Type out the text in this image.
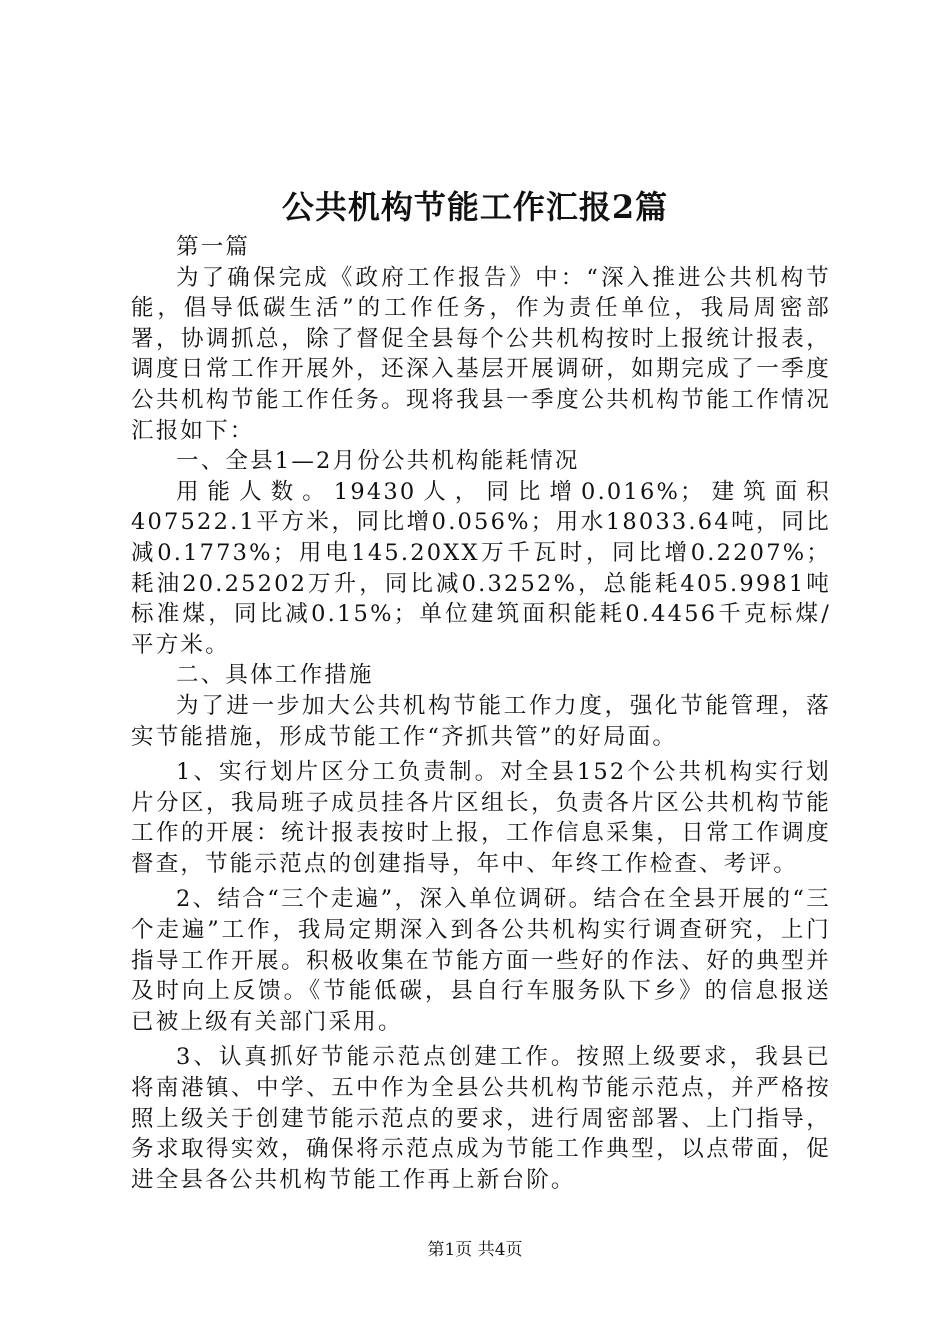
公共机构节能工作汇报2篇

第一篇

为了确保完成《政府工作报告》中：“深入推进公共机构节能，倡导低碳生活”的工作任务，作为责任单位，我局周密部署，协调抓总，除了督促全县每个公共机构按时上报统计报表，调度日常工作开展外，还深入基层开展调研，如期完成了一季度公共机构节能工作任务。现将我县一季度公共机构节能工作情况汇报如下：

一、全县1—2月份公共机构能耗情况

用能人数。19430人，同比增0.016%；建筑面积407522.1平方米，同比增0.056%；用水18033.64吨，同比减0.1773%；用电145.20XX万千瓦时，同比增0.2207%；耗油20.25202万升，同比减0.3252%，总能耗405.9981吨标准煤，同比减0.15%；单位建筑面积能耗0.4456千克标煤/平方米。

二、具体工作措施

为了进一步加大公共机构节能工作力度，强化节能管理，落实节能措施，形成节能工作“齐抓共管”的好局面。

1、实行划片区分工负责制。对全县152个公共机构实行划片分区，我局班子成员挂各片区组长，负责各片区公共机构节能工作的开展：统计报表按时上报，工作信息采集，日常工作调度督查，节能示范点的创建指导，年中、年终工作检查、考评。

2、结合“三个走遍”，深入单位调研。结合在全县开展的“三个走遍”工作，我局定期深入到各公共机构实行调查研究，上门指导工作开展。积极收集在节能方面一些好的作法、好的典型并及时向上反馈。《节能低碳，县自行车服务队下乡》的信息报送已被上级有关部门采用。

3、认真抓好节能示范点创建工作。按照上级要求，我县已将南港镇、中学、五中作为全县公共机构节能示范点，并严格按照上级关于创建节能示范点的要求，进行周密部署、上门指导，务求取得实效，确保将示范点成为节能工作典型，以点带面，促进全县各公共机构节能工作再上新台阶。

第1页 共4页
